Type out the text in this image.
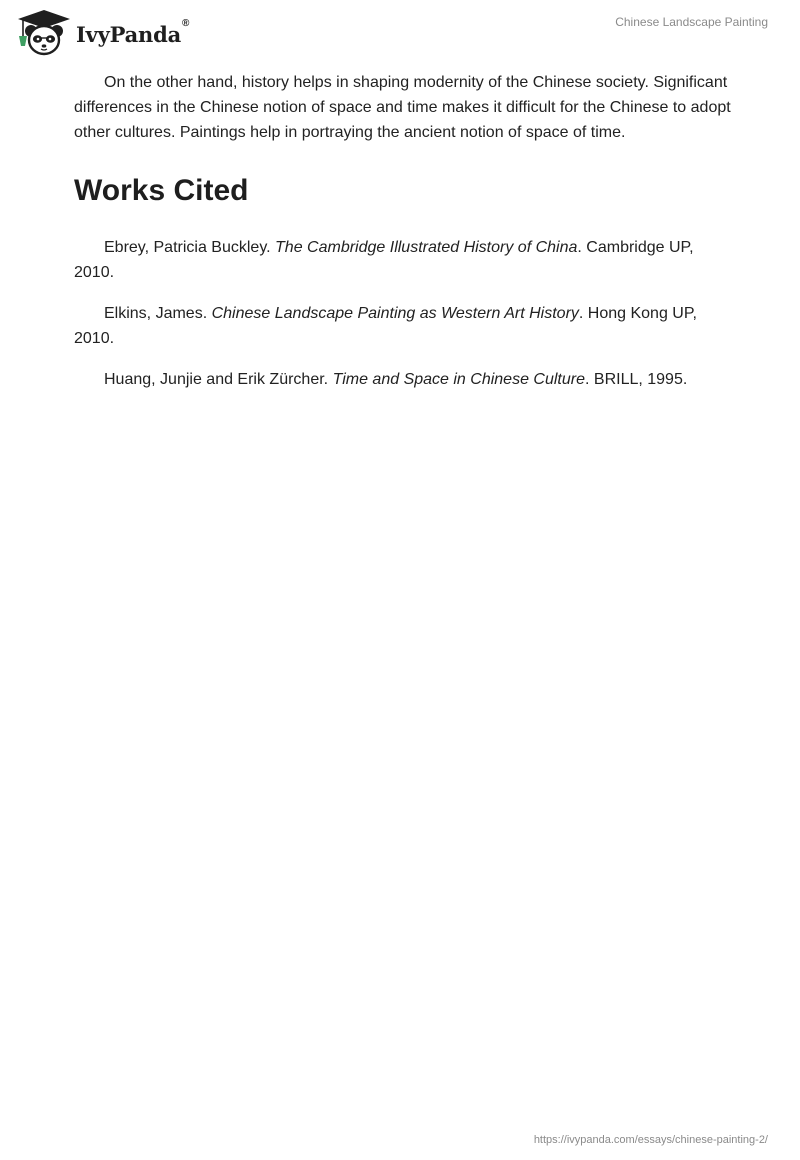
IvyPanda®	Chinese Landscape Painting

On the other hand, history helps in shaping modernity of the Chinese society. Significant differences in the Chinese notion of space and time makes it difficult for the Chinese to adopt other cultures. Paintings help in portraying the ancient notion of space of time.

Works Cited

Ebrey, Patricia Buckley. The Cambridge Illustrated History of China. Cambridge UP, 2010.

Elkins, James. Chinese Landscape Painting as Western Art History. Hong Kong UP, 2010.

Huang, Junjie and Erik Zürcher. Time and Space in Chinese Culture. BRILL, 1995.

https://ivypanda.com/essays/chinese-painting-2/
